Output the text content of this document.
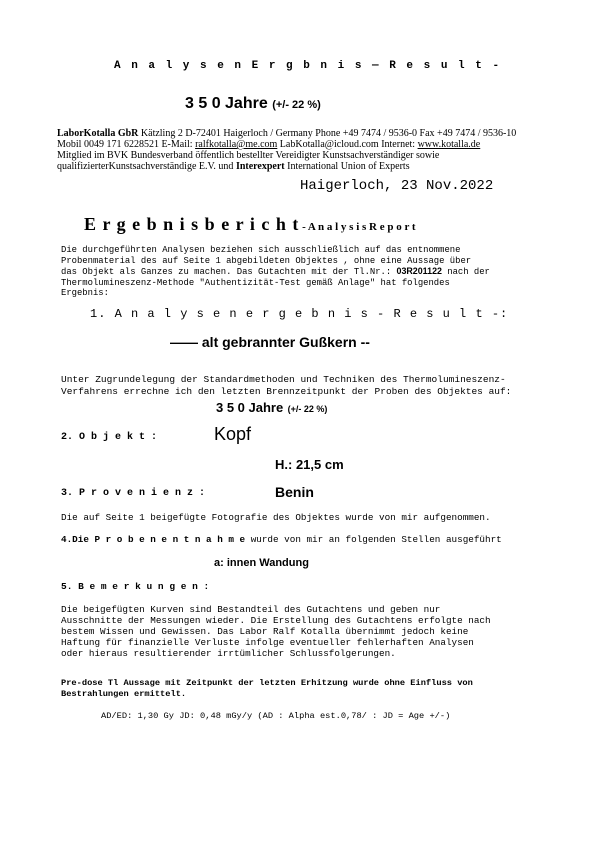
A n a l y s e n E r g b n i s — R e s u l t -
3 5 0 Jahre (+/- 22 %)
LaborKotalla GbR Kätzling 2 D-72401 Haigerloch / Germany Phone +49 7474 / 9536-0 Fax +49 7474 / 9536-10
Mobil 0049 171 6228521 E-Mail: ralfkotalla@me.com LabKotalla@icloud.com Internet: www.kotalla.de
Mitglied im BVK Bundesverband öffentlich bestellter Vereidigter Kunstsachverständiger sowie
qualifizierterKunstsachverständige E.V. und Interexpert International Union of Experts
Haigerloch, 23 Nov.2022
E r g e b n i s b e r i c h t - A n a l y s i s R e p o r t
Die durchgeführten Analysen beziehen sich ausschließlich auf das entnommene
Probenmaterial des auf Seite 1 abgebildeten Objektes , ohne eine Aussage über
das Objekt als Ganzes zu machen. Das Gutachten mit der Tl.Nr.: 03R201122 nach der
Thermolumineszenz-Methode "Authentizität-Test gemäß Anlage" hat folgendes
Ergebnis:
1. A n a l y s e n e r g e b n i s - R e s u l t -:
—— alt gebrannter Gußkern --
Unter Zugrundelegung der Standardmethoden und Techniken des Thermolumineszenz-
Verfahrens errechne ich den letzten Brennzeitpunkt der Proben des Objektes auf:
3 5 0 Jahre (+/- 22 %)
2. O b j e k t :	Kopf
H.: 21,5 cm
3. P r o v e n i e n z :	Benin
Die auf Seite 1 beigefügte Fotografie des Objektes wurde von mir aufgenommen.
4.Die P r o b e n e n t n a h m e wurde von mir an folgenden Stellen ausgeführt
a: innen Wandung
5. B e m e r k u n g e n :
Die beigefügten Kurven sind Bestandteil des Gutachtens und geben nur
Ausschnitte der Messungen wieder. Die Erstellung des Gutachtens erfolgte nach
bestem Wissen und Gewissen. Das Labor Ralf Kotalla übernimmt jedoch keine
Haftung für finanzielle Verluste infolge eventueller fehlerhaften Analysen
oder hieraus resultierender irrtümlicher Schlussfolgerungen.
Pre-dose Tl Aussage mit Zeitpunkt der letzten Erhitzung wurde ohne Einfluss von
Bestrahlungen ermittelt.
AD/ED: 1,30 Gy JD: 0,48 mGy/y (AD : Alpha est.0,78/ : JD = Age +/-)
